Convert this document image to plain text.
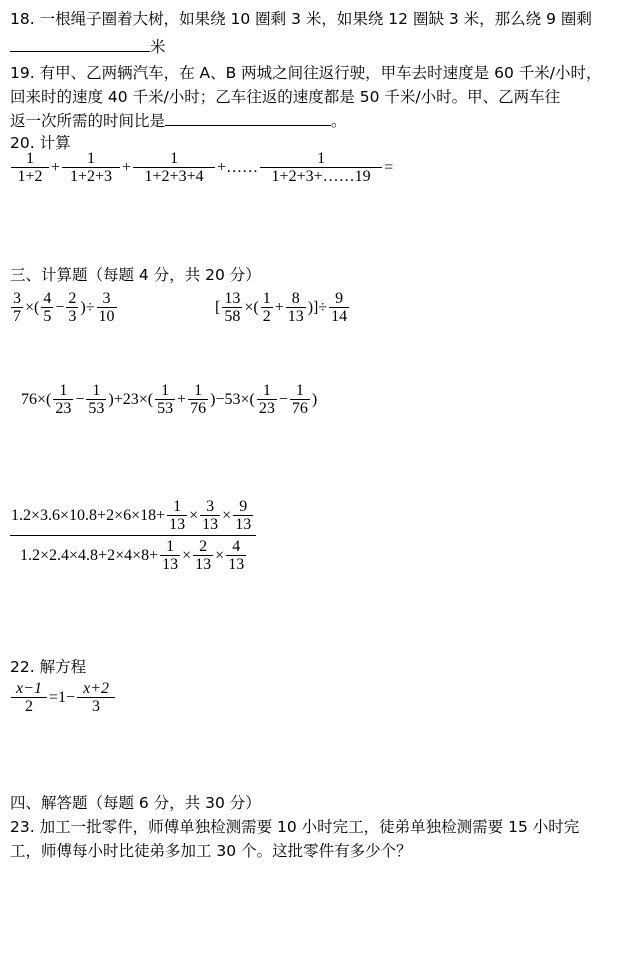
18. 一根绳子圈着大树，如果绕 10 圈剩 3 米，如果绕 12 圈缺 3 米，那么绕 9 圈剩
米
19. 有甲、乙两辆汽车，在 A、B 两城之间往返行驶，甲车去时速度是 60 千米/小时，
回来时的速度 40 千米/小时；乙车往返的速度都是 50 千米/小时。甲、乙两车往
返一次所需的时间比是	。
20. 计算
$\frac{1}{1+2} + \frac{1}{1+2+3} + \frac{1}{1+2+3+4}$ +…… $\frac{1}{1+2+3+\dots\dots 19}$ =
三、计算题（每题 4 分，共 20 分）
$\frac{3}{7}$ ×( $\frac{4}{5} - \frac{2}{3}$ )÷ $\frac{3}{10}$	[ $\frac{13}{58}$ ×( $\frac{1}{2} + \frac{8}{13}$ )]÷ $\frac{9}{14}$
$76\times( \frac{1}{23} - \frac{1}{53} )+23\times( \frac{1}{53} + \frac{1}{76} )-53\times( \frac{1}{23} - \frac{1}{76}$ )
$\frac{1.2\times 3.6\times 10.8+2\times 6\times 18+ \frac{1}{13} \times \frac{3}{13} \times \frac{9}{13}}{1.2\times 2.4\times 4.8+2\times 4\times 8+ \frac{1}{13} \times \frac{2}{13} \times \frac{4}{13}}$
22. 解方程
$\frac{x-1}{2} =1- \frac{x+2}{3}$
四、解答题（每题 6 分，共 30 分）
23. 加工一批零件，师傅单独检测需要 10 小时完工，徒弟单独检测需要 15 小时完
工，师傅每小时比徒弟多加工 30 个。这批零件有多少个？
